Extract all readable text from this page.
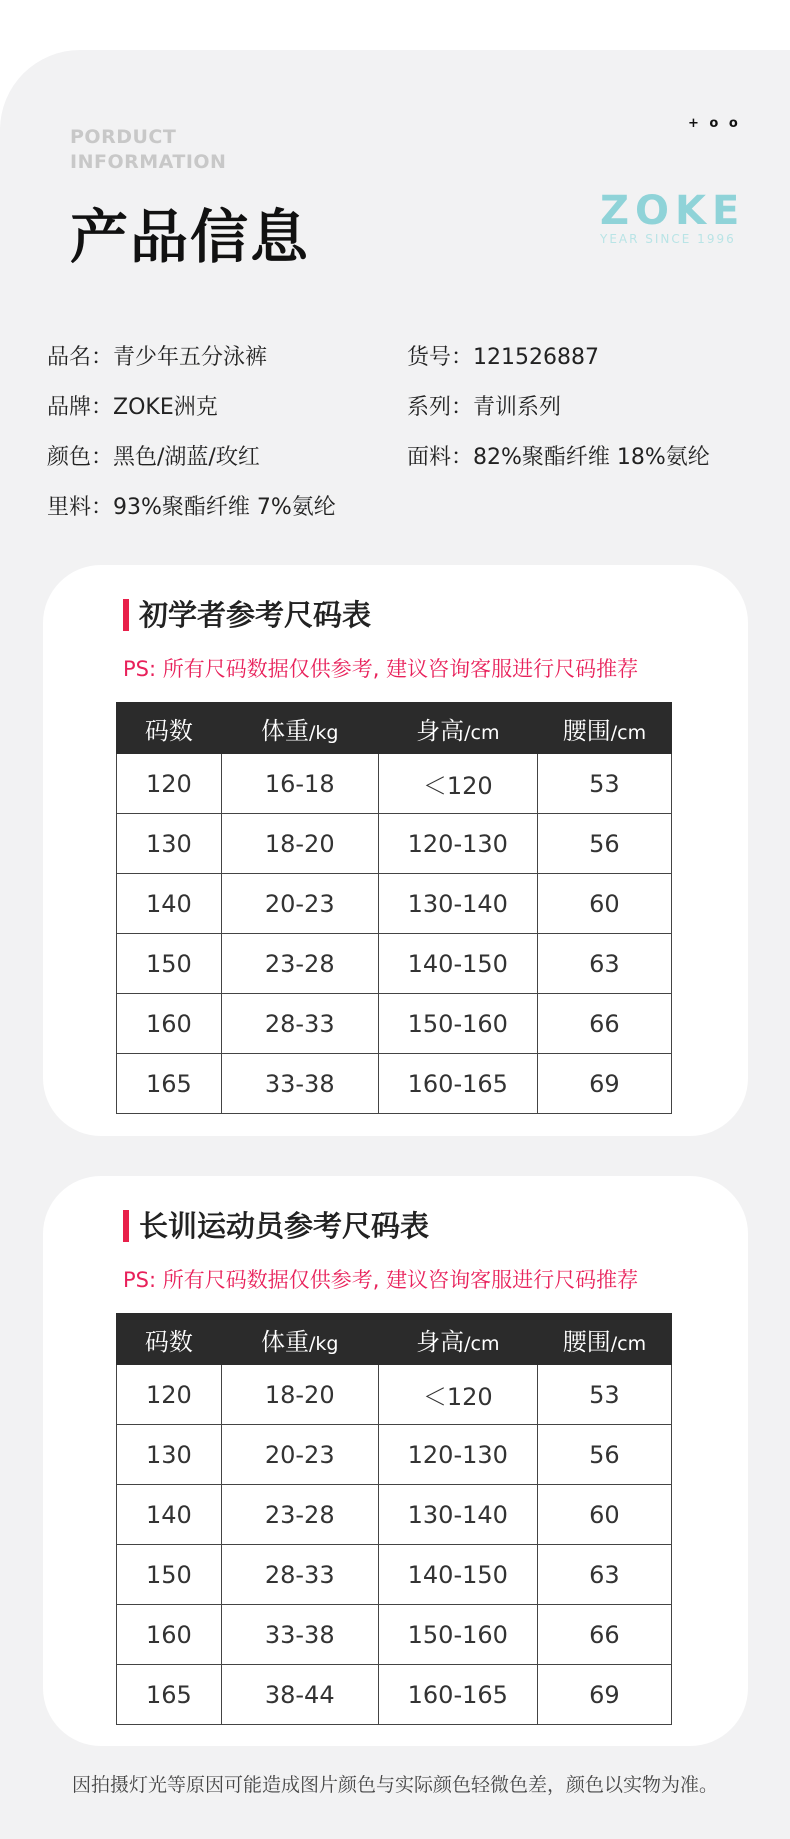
PORDUCT
INFORMATION
产品信息
+ o o
ZOKE
YEAR SINCE 1996
品名：青少年五分泳裤	货号：121526887
品牌：ZOKE洲克	系列：青训系列
颜色：黑色/湖蓝/玫红	面料：82%聚酯纤维 18%氨纶
里料：93%聚酯纤维 7%氨纶
初学者参考尺码表
PS: 所有尺码数据仅供参考, 建议咨询客服进行尺码推荐
码数	体重/kg	身高/cm	腰围/cm
120	16-18	＜120	53
130	18-20	120-130	56
140	20-23	130-140	60
150	23-28	140-150	63
160	28-33	150-160	66
165	33-38	160-165	69
长训运动员参考尺码表
PS: 所有尺码数据仅供参考, 建议咨询客服进行尺码推荐
码数	体重/kg	身高/cm	腰围/cm
120	18-20	＜120	53
130	20-23	120-130	56
140	23-28	130-140	60
150	28-33	140-150	63
160	33-38	150-160	66
165	38-44	160-165	69
因拍摄灯光等原因可能造成图片颜色与实际颜色轻微色差，颜色以实物为准。
